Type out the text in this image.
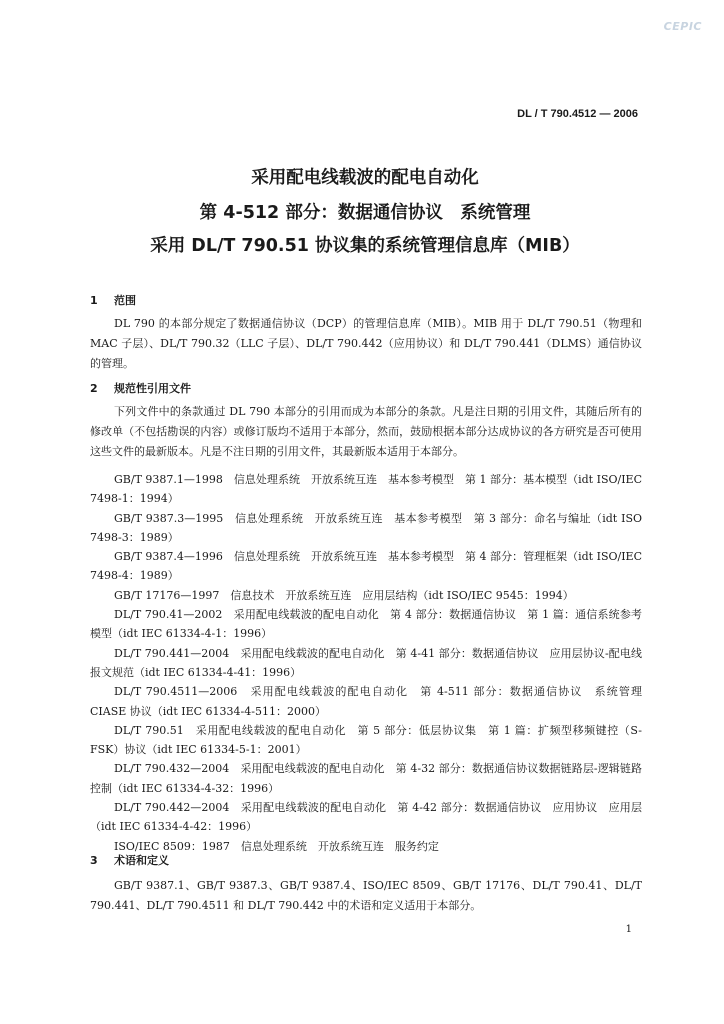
CEPIC
DL / T 790.4512 — 2006
采用配电线载波的配电自动化
第 4-512 部分：数据通信协议　系统管理
采用 DL/T 790.51 协议集的系统管理信息库（MIB）
1 范围
DL 790 的本部分规定了数据通信协议（DCP）的管理信息库（MIB）。MIB 用于 DL/T 790.51（物理和 MAC 子层）、DL/T 790.32（LLC 子层）、DL/T 790.442（应用协议）和 DL/T 790.441（DLMS）通信协议的管理。
2 规范性引用文件
下列文件中的条款通过 DL 790 本部分的引用而成为本部分的条款。凡是注日期的引用文件，其随后所有的修改单（不包括勘误的内容）或修订版均不适用于本部分，然而，鼓励根据本部分达成协议的各方研究是否可使用这些文件的最新版本。凡是不注日期的引用文件，其最新版本适用于本部分。
GB/T 9387.1—1998　信息处理系统　开放系统互连　基本参考模型　第 1 部分：基本模型（idt ISO/IEC 7498-1：1994）
GB/T 9387.3—1995　信息处理系统　开放系统互连　基本参考模型　第 3 部分：命名与编址（idt ISO 7498-3：1989）
GB/T 9387.4—1996　信息处理系统　开放系统互连　基本参考模型　第 4 部分：管理框架（idt ISO/IEC 7498-4：1989）
GB/T 17176—1997　信息技术　开放系统互连　应用层结构（idt ISO/IEC 9545：1994）
DL/T 790.41—2002　采用配电线载波的配电自动化　第 4 部分：数据通信协议　第 1 篇：通信系统参考模型（idt IEC 61334-4-1：1996）
DL/T 790.441—2004　采用配电线载波的配电自动化　第 4-41 部分：数据通信协议　应用层协议-配电线报文规范（idt IEC 61334-4-41：1996）
DL/T 790.4511—2006　采用配电线载波的配电自动化　第 4-511 部分：数据通信协议　系统管理 CIASE 协议（idt IEC 61334-4-511：2000）
DL/T 790.51　采用配电线载波的配电自动化　第 5 部分：低层协议集　第 1 篇：扩频型移频键控（S-FSK）协议（idt IEC 61334-5-1：2001）
DL/T 790.432—2004　采用配电线载波的配电自动化　第 4-32 部分：数据通信协议数据链路层-逻辑链路控制（idt IEC 61334-4-32：1996）
DL/T 790.442—2004　采用配电线载波的配电自动化　第 4-42 部分：数据通信协议　应用协议　应用层（idt IEC 61334-4-42：1996）
ISO/IEC 8509：1987　信息处理系统　开放系统互连　服务约定
3 术语和定义
GB/T 9387.1、GB/T 9387.3、GB/T 9387.4、ISO/IEC 8509、GB/T 17176、DL/T 790.41、DL/T 790.441、DL/T 790.4511 和 DL/T 790.442 中的术语和定义适用于本部分。
1
